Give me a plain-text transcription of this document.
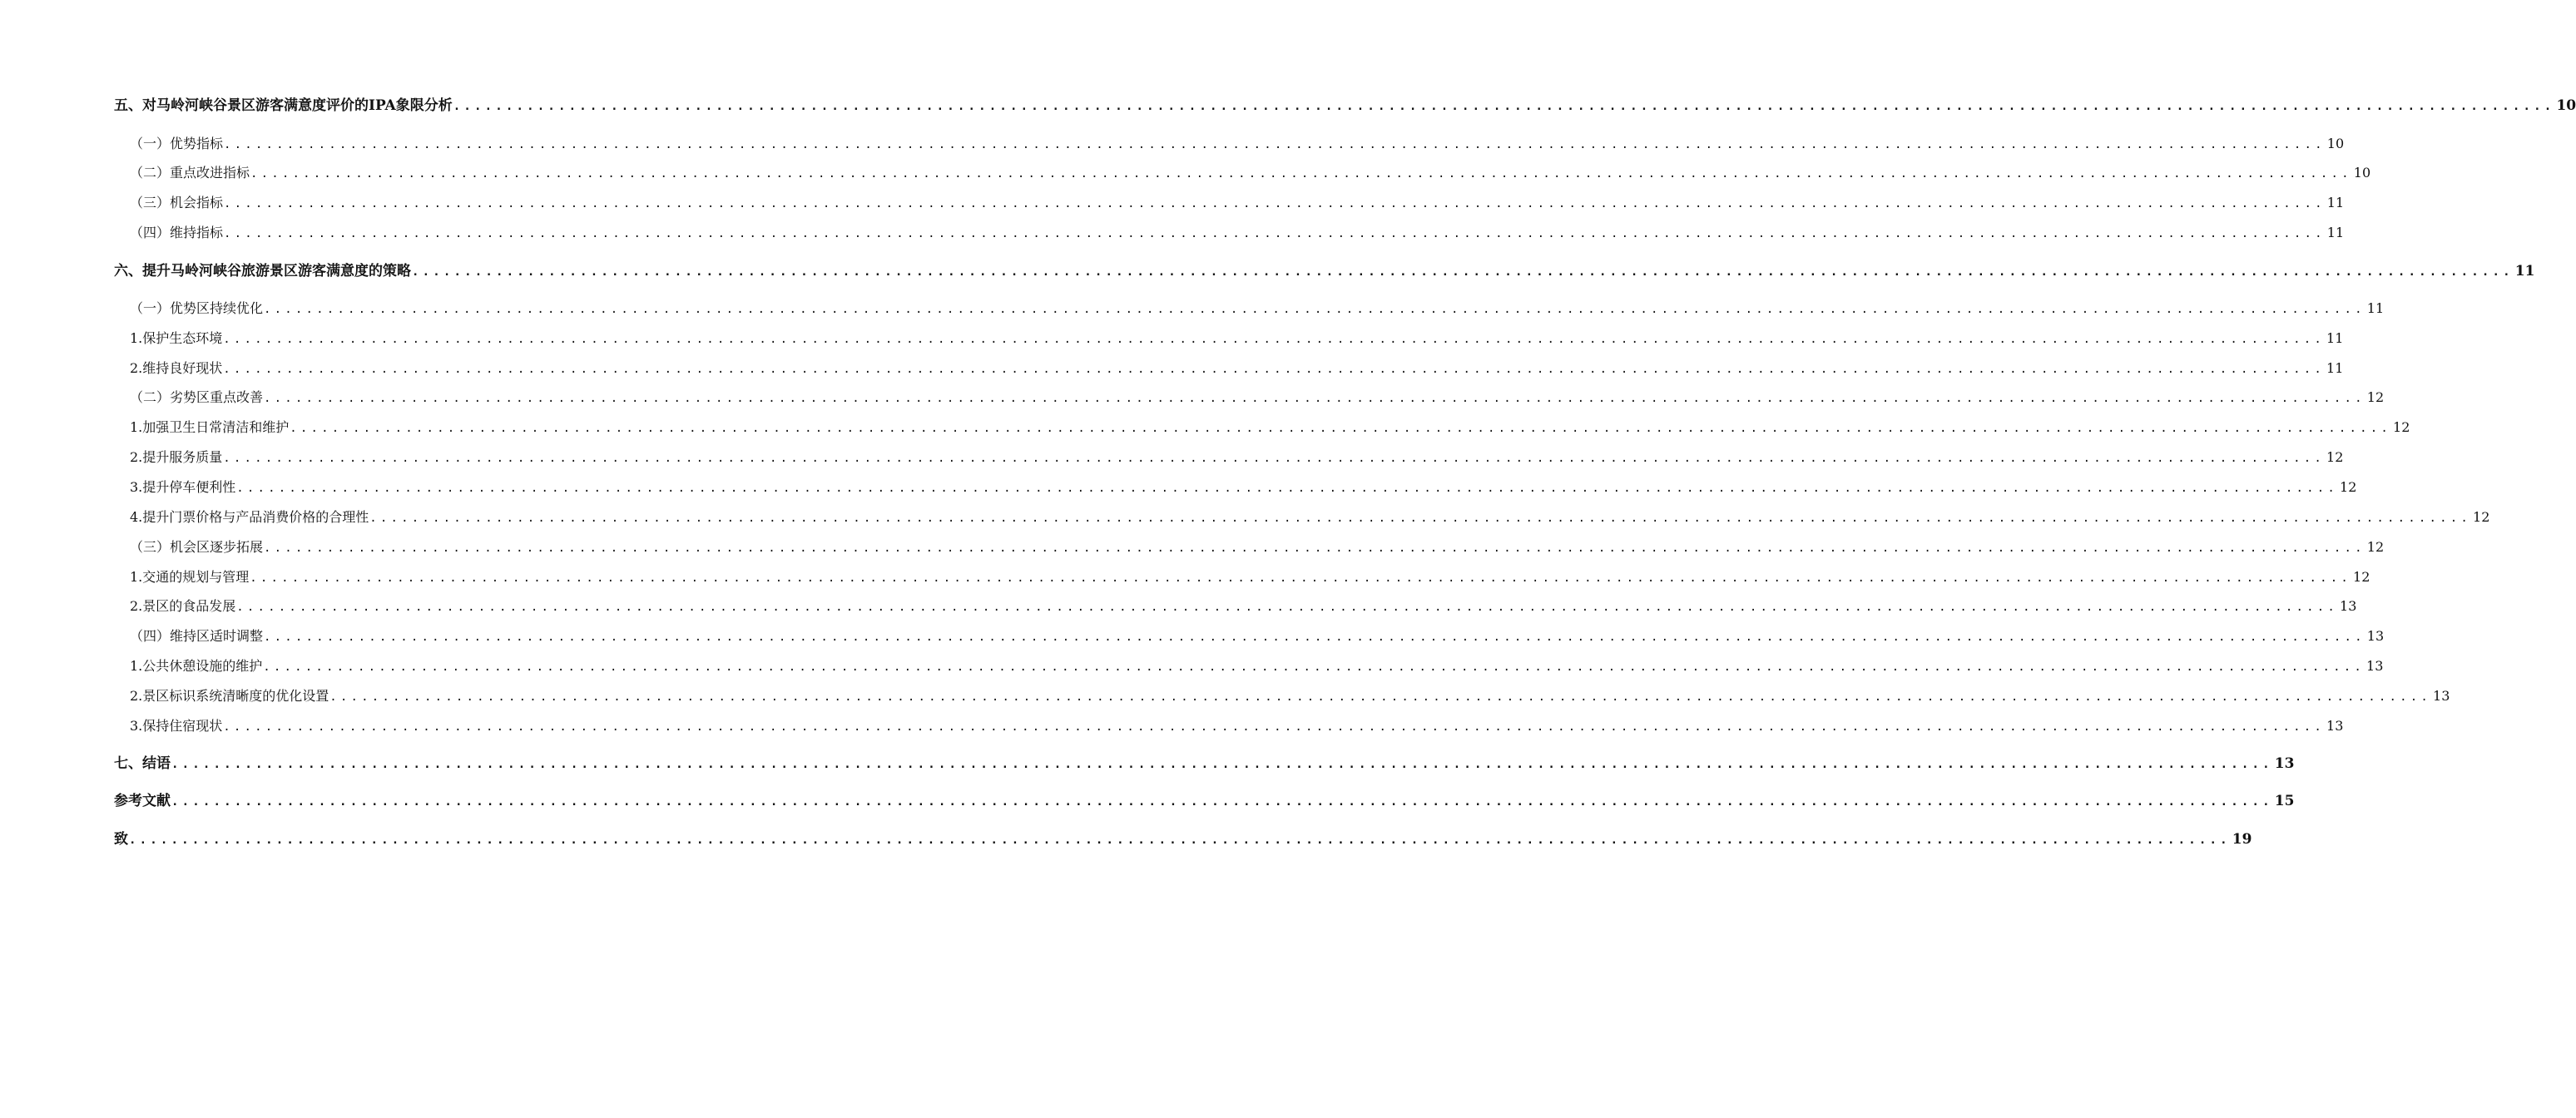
五、对马岭河峡谷景区游客满意度评价的IPA象限分析 ........................................................................................................................................................................................................ 10
（一）优势指标 ........................................................................................................................................................................................................ 10
（二）重点改进指标 ........................................................................................................................................................................................................ 10
（三）机会指标 ........................................................................................................................................................................................................ 11
（四）维持指标 ........................................................................................................................................................................................................ 11
六、提升马岭河峡谷旅游景区游客满意度的策略 ........................................................................................................................................................................................................ 11
（一）优势区持续优化 ........................................................................................................................................................................................................ 11
1.保护生态环境 ........................................................................................................................................................................................................ 11
2.维持良好现状 ........................................................................................................................................................................................................ 11
（二）劣势区重点改善 ........................................................................................................................................................................................................ 12
1.加强卫生日常清洁和维护 ........................................................................................................................................................................................................ 12
2.提升服务质量 ........................................................................................................................................................................................................ 12
3.提升停车便利性 ........................................................................................................................................................................................................ 12
4.提升门票价格与产品消费价格的合理性 ........................................................................................................................................................................................................ 12
（三）机会区逐步拓展 ........................................................................................................................................................................................................ 12
1.交通的规划与管理 ........................................................................................................................................................................................................ 12
2.景区的食品发展 ........................................................................................................................................................................................................ 13
（四）维持区适时调整 ........................................................................................................................................................................................................ 13
1.公共休憩设施的维护 ........................................................................................................................................................................................................ 13
2.景区标识系统清晰度的优化设置 ........................................................................................................................................................................................................ 13
3.保持住宿现状 ........................................................................................................................................................................................................ 13
七、结语 ........................................................................................................................................................................................................ 13
参考文献 ........................................................................................................................................................................................................ 15
致 ........................................................................................................................................................................................................ 19
